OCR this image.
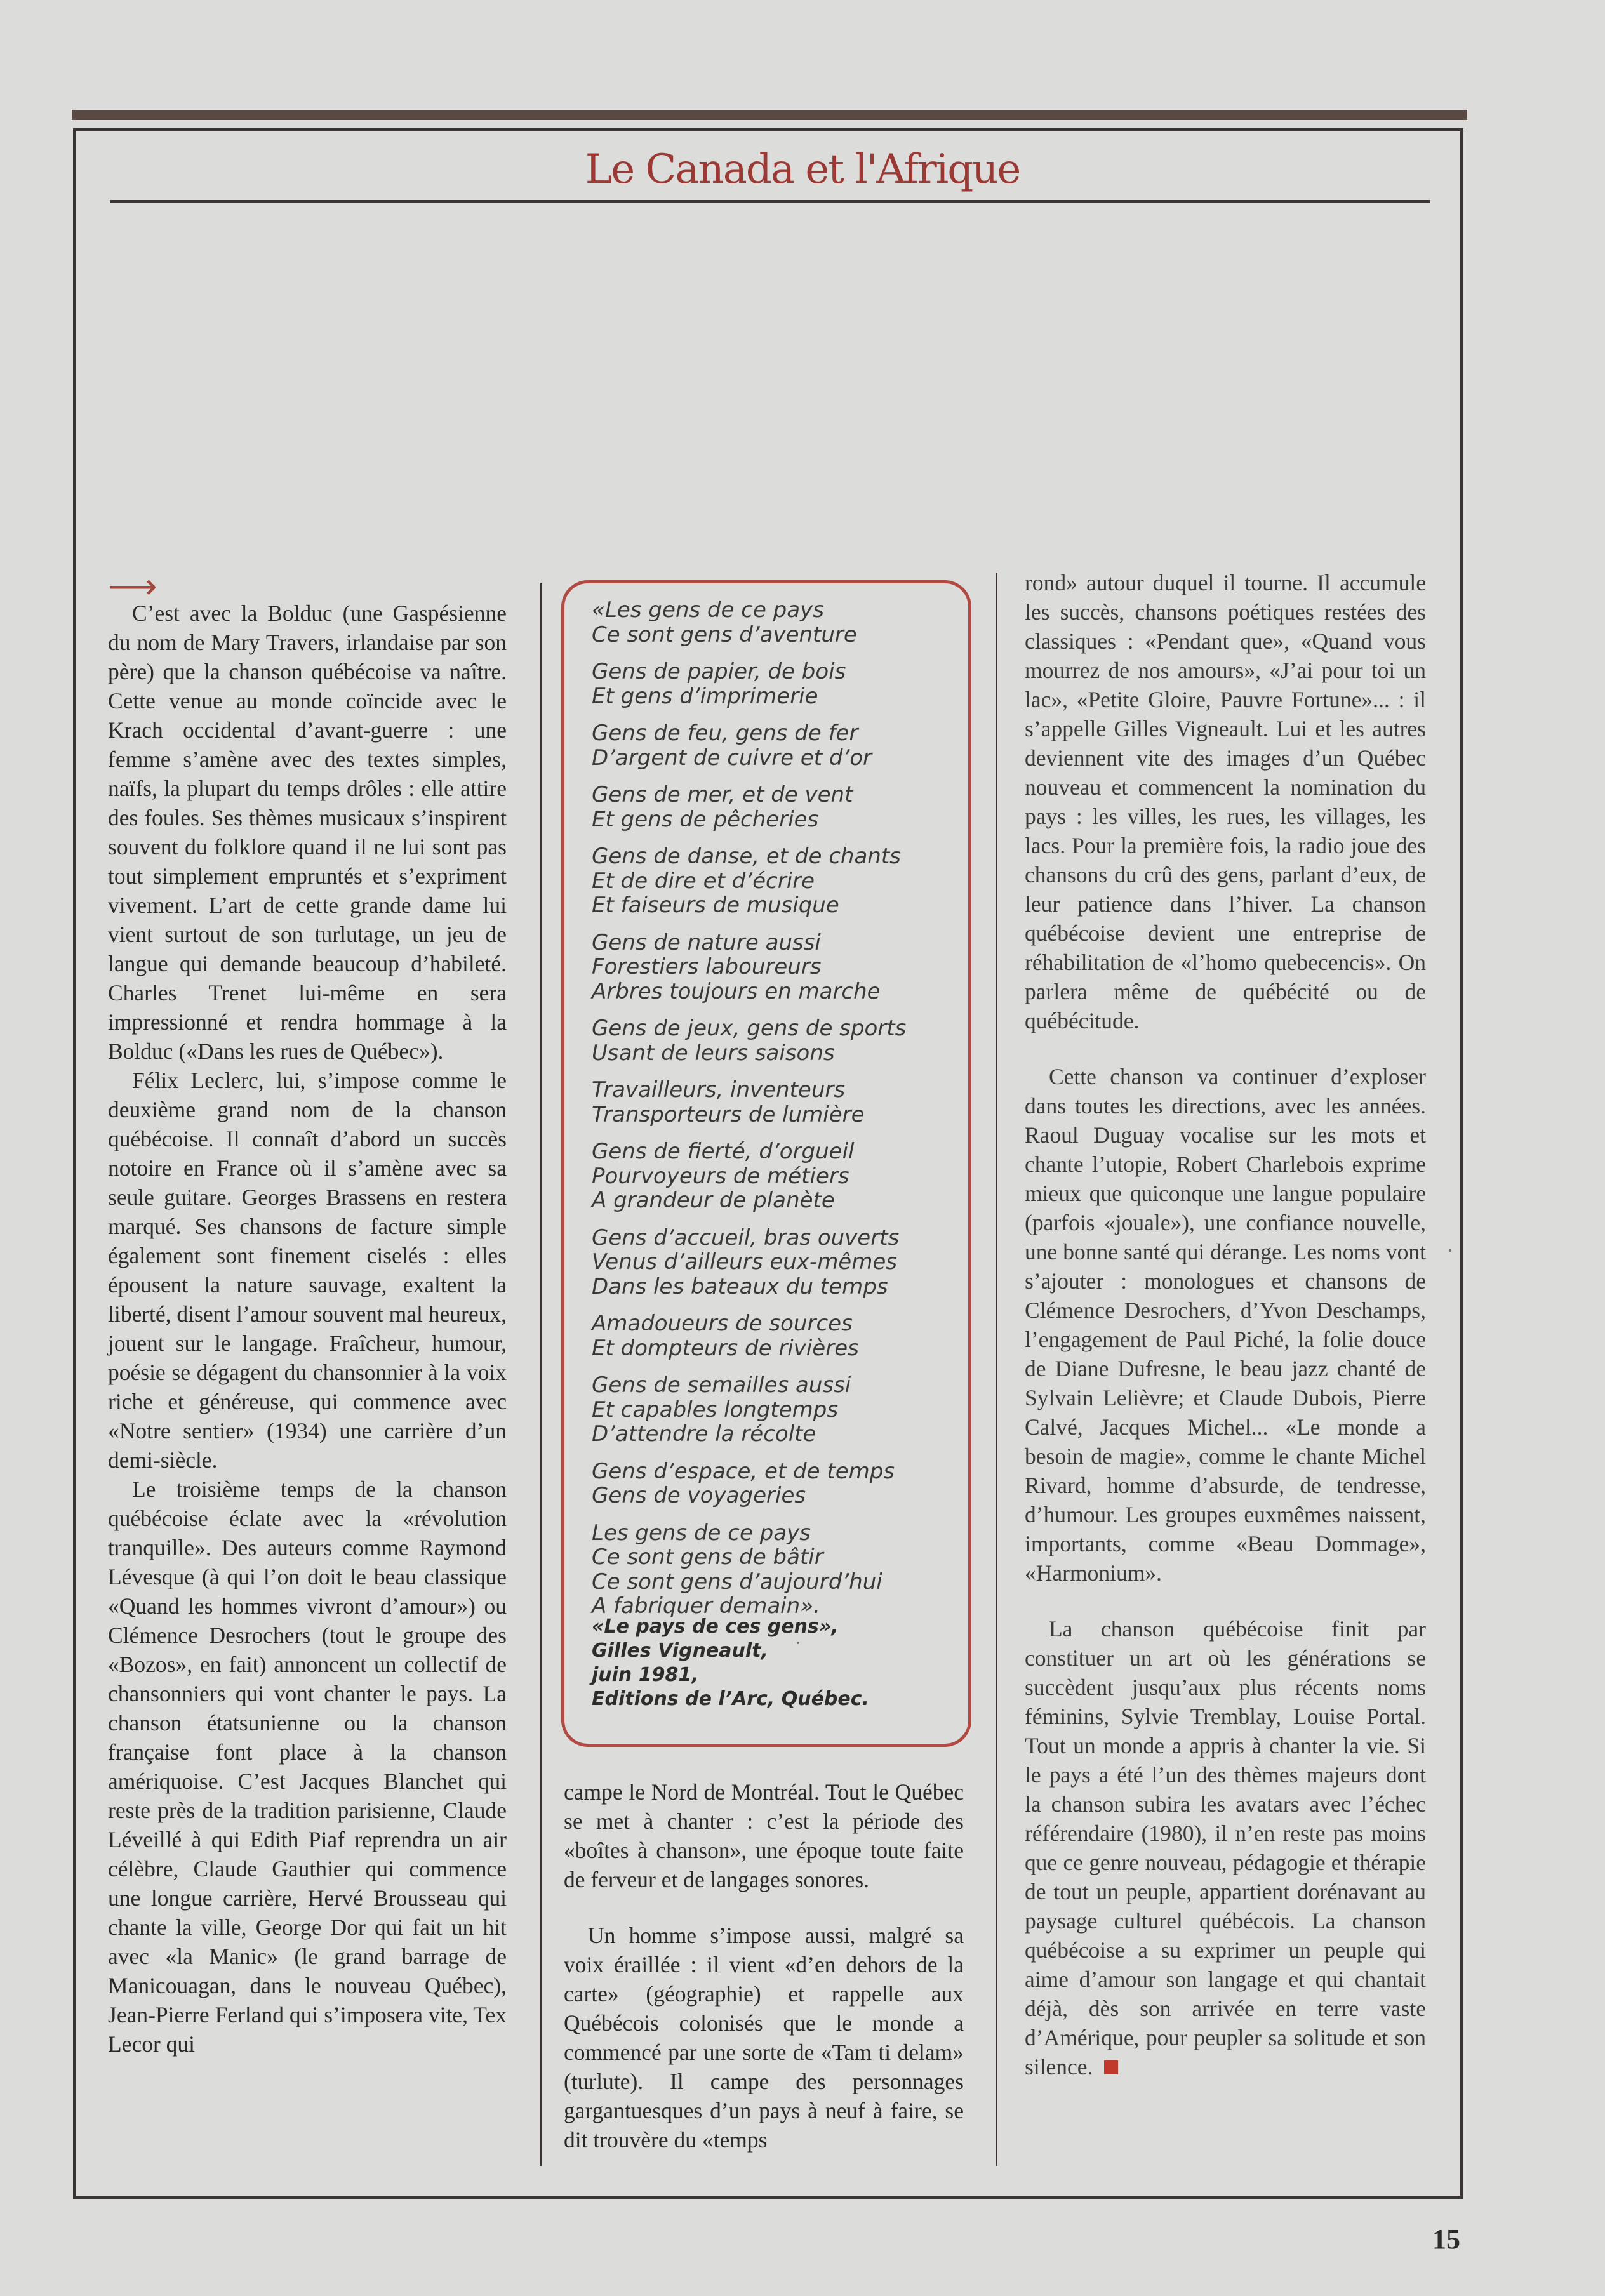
Le Canada et l'Afrique
⟶

C’est avec la Bolduc (une Gaspésienne du nom de Mary Travers, irlandaise par son père) que la chanson québécoise va naître. Cette venue au monde coïncide avec le Krach occidental d’avant-guerre : une femme s’amène avec des textes simples, naïfs, la plupart du temps drôles : elle attire des foules. Ses thèmes musicaux s’inspirent souvent du folklore quand il ne lui sont pas tout simplement empruntés et s’expriment vivement. L’art de cette grande dame lui vient surtout de son turlutage, un jeu de langue qui demande beaucoup d’habileté. Charles Trenet lui-même en sera impressionné et rendra hommage à la Bolduc («Dans les rues de Québec»).

Félix Leclerc, lui, s’impose comme le deuxième grand nom de la chanson québécoise. Il connaît d’abord un succès notoire en France où il s’amène avec sa seule guitare. Georges Brassens en restera marqué. Ses chansons de facture simple également sont finement ciselés : elles épousent la nature sauvage, exaltent la liberté, disent l’amour souvent mal heureux, jouent sur le langage. Fraîcheur, humour, poésie se dégagent du chansonnier à la voix riche et généreuse, qui commence avec «Notre sentier» (1934) une carrière d’un demi-siècle.

Le troisième temps de la chanson québécoise éclate avec la «révolution tranquille». Des auteurs comme Raymond Lévesque (à qui l’on doit le beau classique «Quand les hommes vivront d’amour») ou Clémence Desrochers (tout le groupe des «Bozos», en fait) annoncent un collectif de chansonniers qui vont chanter le pays. La chanson étatsunienne ou la chanson française font place à la chanson amériquoise. C’est Jacques Blanchet qui reste près de la tradition parisienne, Claude Léveillé à qui Edith Piaf reprendra un air célèbre, Claude Gauthier qui commence une longue carrière, Hervé Brousseau qui chante la ville, George Dor qui fait un hit avec «la Manic» (le grand barrage de Manicouagan, dans le nouveau Québec), Jean-Pierre Ferland qui s’imposera vite, Tex Lecor qui

«Les gens de ce pays
Ce sont gens d’aventure
Gens de papier, de bois
Et gens d’imprimerie
Gens de feu, gens de fer
D’argent de cuivre et d’or
Gens de mer, et de vent
Et gens de pêcheries
Gens de danse, et de chants
Et de dire et d’écrire
Et faiseurs de musique
Gens de nature aussi
Forestiers laboureurs
Arbres toujours en marche
Gens de jeux, gens de sports
Usant de leurs saisons
Travailleurs, inventeurs
Transporteurs de lumière
Gens de fierté, d’orgueil
Pourvoyeurs de métiers
A grandeur de planète
Gens d’accueil, bras ouverts
Venus d’ailleurs eux-mêmes
Dans les bateaux du temps
Amadoueurs de sources
Et dompteurs de rivières
Gens de semailles aussi
Et capables longtemps
D’attendre la récolte
Gens d’espace, et de temps
Gens de voyageries
Les gens de ce pays
Ce sont gens de bâtir
Ce sont gens d’aujourd’hui
A fabriquer demain».
«Le pays de ces gens»,
Gilles Vigneault,
juin 1981,
Editions de l’Arc, Québec.

campe le Nord de Montréal. Tout le Québec se met à chanter : c’est la période des «boîtes à chanson», une époque toute faite de ferveur et de langages sonores.

Un homme s’impose aussi, malgré sa voix éraillée : il vient «d’en dehors de la carte» (géographie) et rappelle aux Québécois colonisés que le monde a commencé par une sorte de «Tam ti delam» (turlute). Il campe des personnages gargantuesques d’un pays à neuf à faire, se dit trouvère du «temps

rond» autour duquel il tourne. Il accumule les succès, chansons poétiques restées des classiques : «Pendant que», «Quand vous mourrez de nos amours», «J’ai pour toi un lac», «Petite Gloire, Pauvre Fortune»... : il s’appelle Gilles Vigneault. Lui et les autres deviennent vite des images d’un Québec nouveau et commencent la nomination du pays : les villes, les rues, les villages, les lacs. Pour la première fois, la radio joue des chansons du crû des gens, parlant d’eux, de leur patience dans l’hiver. La chanson québécoise devient une entreprise de réhabilitation de «l’homo quebecencis». On parlera même de québécité ou de québécitude.

Cette chanson va continuer d’exploser dans toutes les directions, avec les années. Raoul Duguay vocalise sur les mots et chante l’utopie, Robert Charlebois exprime mieux que quiconque une langue populaire (parfois «jouale»), une confiance nouvelle, une bonne santé qui dérange. Les noms vont s’ajouter : monologues et chansons de Clémence Desrochers, d’Yvon Deschamps, l’engagement de Paul Piché, la folie douce de Diane Dufresne, le beau jazz chanté de Sylvain Lelièvre; et Claude Dubois, Pierre Calvé, Jacques Michel... «Le monde a besoin de magie», comme le chante Michel Rivard, homme d’absurde, de tendresse, d’humour. Les groupes euxmêmes naissent, importants, comme «Beau Dommage», «Harmonium».

La chanson québécoise finit par constituer un art où les générations se succèdent jusqu’aux plus récents noms féminins, Sylvie Tremblay, Louise Portal. Tout un monde a appris à chanter la vie. Si le pays a été l’un des thèmes majeurs dont la chanson subira les avatars avec l’échec référendaire (1980), il n’en reste pas moins que ce genre nouveau, pédagogie et thérapie de tout un peuple, appartient dorénavant au paysage culturel québécois. La chanson québécoise a su exprimer un peuple qui aime d’amour son langage et qui chantait déjà, dès son arrivée en terre vaste d’Amérique, pour peupler sa solitude et son silence.

15
